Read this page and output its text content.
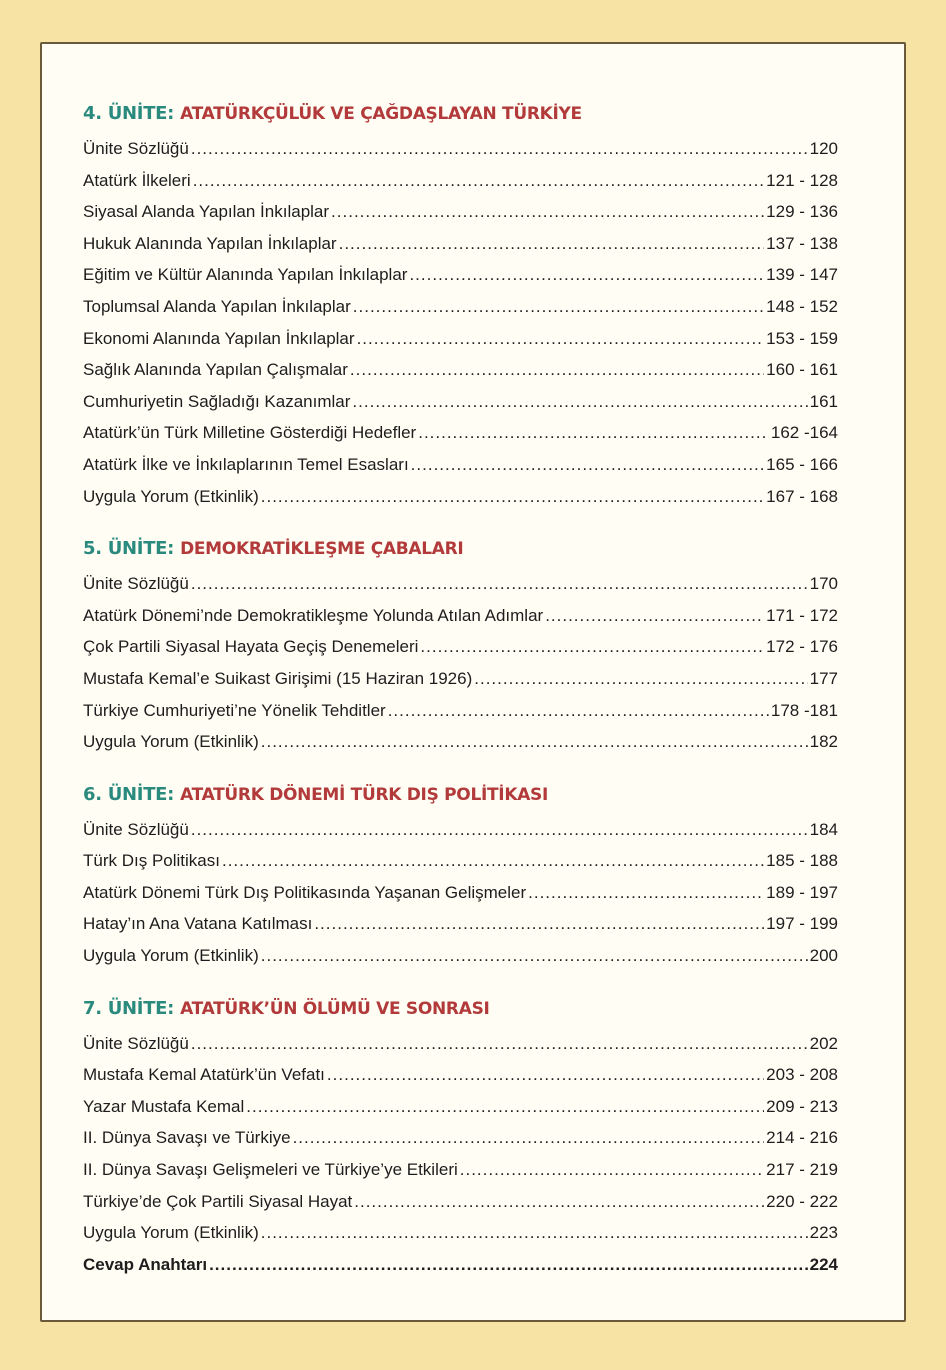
4. ÜNİTE: ATATÜRKÇÜLÜK VE ÇAĞDAŞLAYAN TÜRKİYE
Ünite Sözlüğü .....	120
Atatürk İlkeleri .....	121 - 128
Siyasal Alanda Yapılan İnkılaplar .....	129 - 136
Hukuk Alanında Yapılan İnkılaplar .....	137 - 138
Eğitim ve Kültür Alanında Yapılan İnkılaplar .....	139 - 147
Toplumsal Alanda Yapılan İnkılaplar .....	148 - 152
Ekonomi Alanında Yapılan İnkılaplar .....	153 - 159
Sağlık Alanında Yapılan Çalışmalar .....	160 - 161
Cumhuriyetin Sağladığı Kazanımlar .....	161
Atatürk’ün Türk Milletine Gösterdiği Hedefler .....	162 -164
Atatürk İlke ve İnkılaplarının Temel Esasları .....	165 - 166
Uygula Yorum (Etkinlik) .....	167 - 168
5. ÜNİTE: DEMOKRATİKLEŞME ÇABALARI
Ünite Sözlüğü .....	170
Atatürk Dönemi’nde Demokratikleşme Yolunda Atılan Adımlar .....	171 - 172
Çok Partili Siyasal Hayata Geçiş Denemeleri .....	172 - 176
Mustafa Kemal’e Suikast Girişimi (15 Haziran 1926) .....	177
Türkiye Cumhuriyeti’ne Yönelik Tehditler .....	178 -181
Uygula Yorum (Etkinlik) .....	182
6. ÜNİTE: ATATÜRK DÖNEMİ TÜRK DIŞ POLİTİKASI
Ünite Sözlüğü .....	184
Türk Dış Politikası .....	185 - 188
Atatürk Dönemi Türk Dış Politikasında Yaşanan Gelişmeler .....	189 - 197
Hatay’ın Ana Vatana Katılması .....	197 - 199
Uygula Yorum (Etkinlik) .....	200
7. ÜNİTE: ATATÜRK’ÜN ÖLÜMÜ VE SONRASI
Ünite Sözlüğü .....	202
Mustafa Kemal Atatürk’ün Vefatı .....	203 - 208
Yazar Mustafa Kemal .....	209 - 213
II. Dünya Savaşı ve Türkiye .....	214 - 216
II. Dünya Savaşı Gelişmeleri ve Türkiye’ye Etkileri .....	217 - 219
Türkiye’de Çok Partili Siyasal Hayat .....	220 - 222
Uygula Yorum (Etkinlik) .....	223
Cevap Anahtarı .....	224
